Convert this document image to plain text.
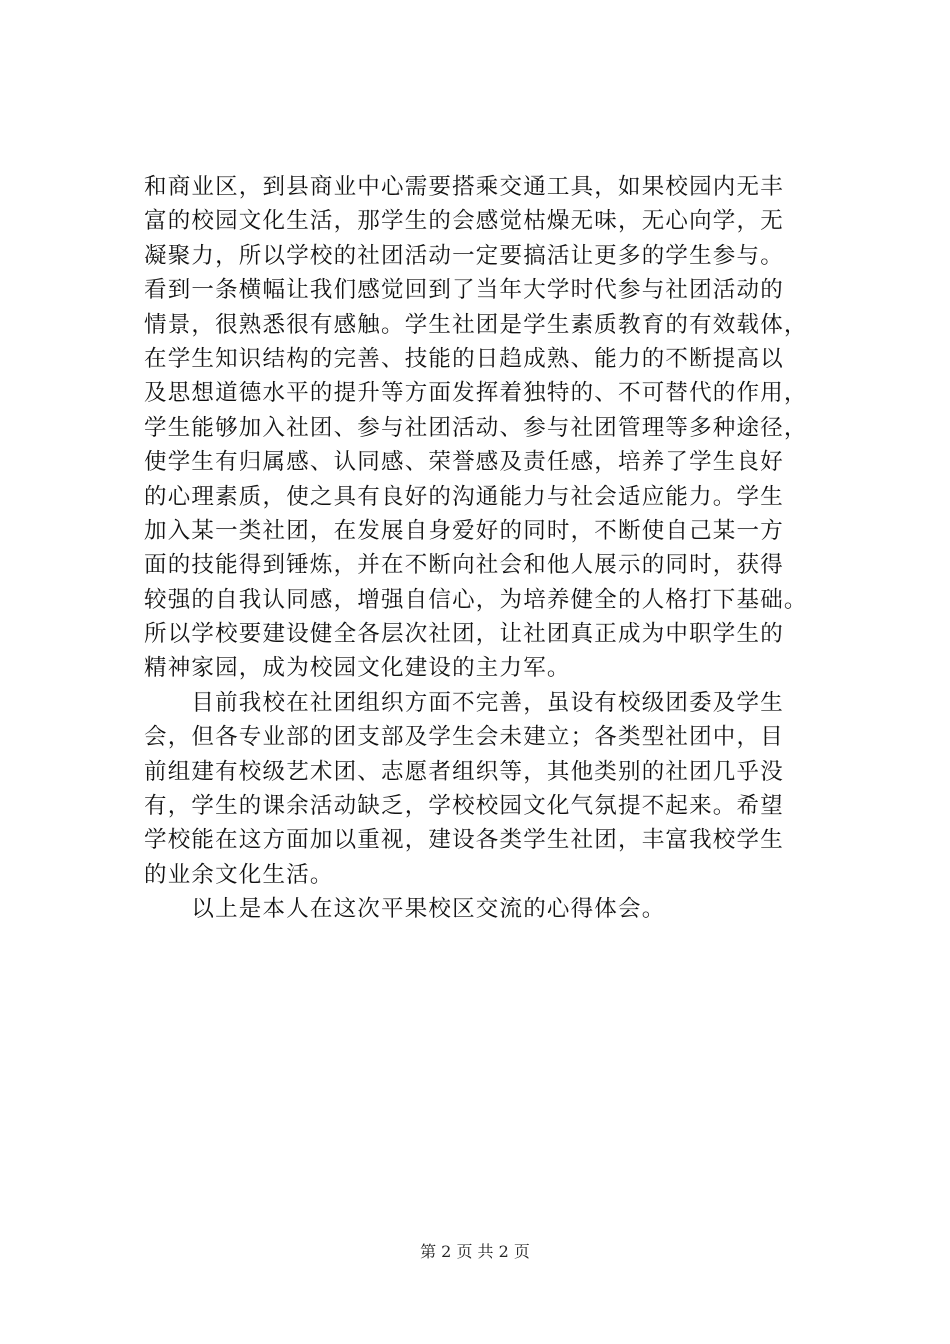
和商业区，到县商业中心需要搭乘交通工具，如果校园内无丰
富的校园文化生活，那学生的会感觉枯燥无味，无心向学，无
凝聚力，所以学校的社团活动一定要搞活让更多的学生参与。
看到一条横幅让我们感觉回到了当年大学时代参与社团活动的
情景，很熟悉很有感触。学生社团是学生素质教育的有效载体，
在学生知识结构的完善、技能的日趋成熟、能力的不断提高以
及思想道德水平的提升等方面发挥着独特的、不可替代的作用，
学生能够加入社团、参与社团活动、参与社团管理等多种途径，
使学生有归属感、认同感、荣誉感及责任感，培养了学生良好
的心理素质，使之具有良好的沟通能力与社会适应能力。学生
加入某一类社团，在发展自身爱好的同时，不断使自己某一方
面的技能得到锤炼，并在不断向社会和他人展示的同时，获得
较强的自我认同感，增强自信心，为培养健全的人格打下基础。
所以学校要建设健全各层次社团，让社团真正成为中职学生的
精神家园，成为校园文化建设的主力军。
　　目前我校在社团组织方面不完善，虽设有校级团委及学生
会，但各专业部的团支部及学生会未建立；各类型社团中，目
前组建有校级艺术团、志愿者组织等，其他类别的社团几乎没
有，学生的课余活动缺乏，学校校园文化气氛提不起来。希望
学校能在这方面加以重视，建设各类学生社团，丰富我校学生
的业余文化生活。
　　以上是本人在这次平果校区交流的心得体会。
第 2 页 共 2 页
